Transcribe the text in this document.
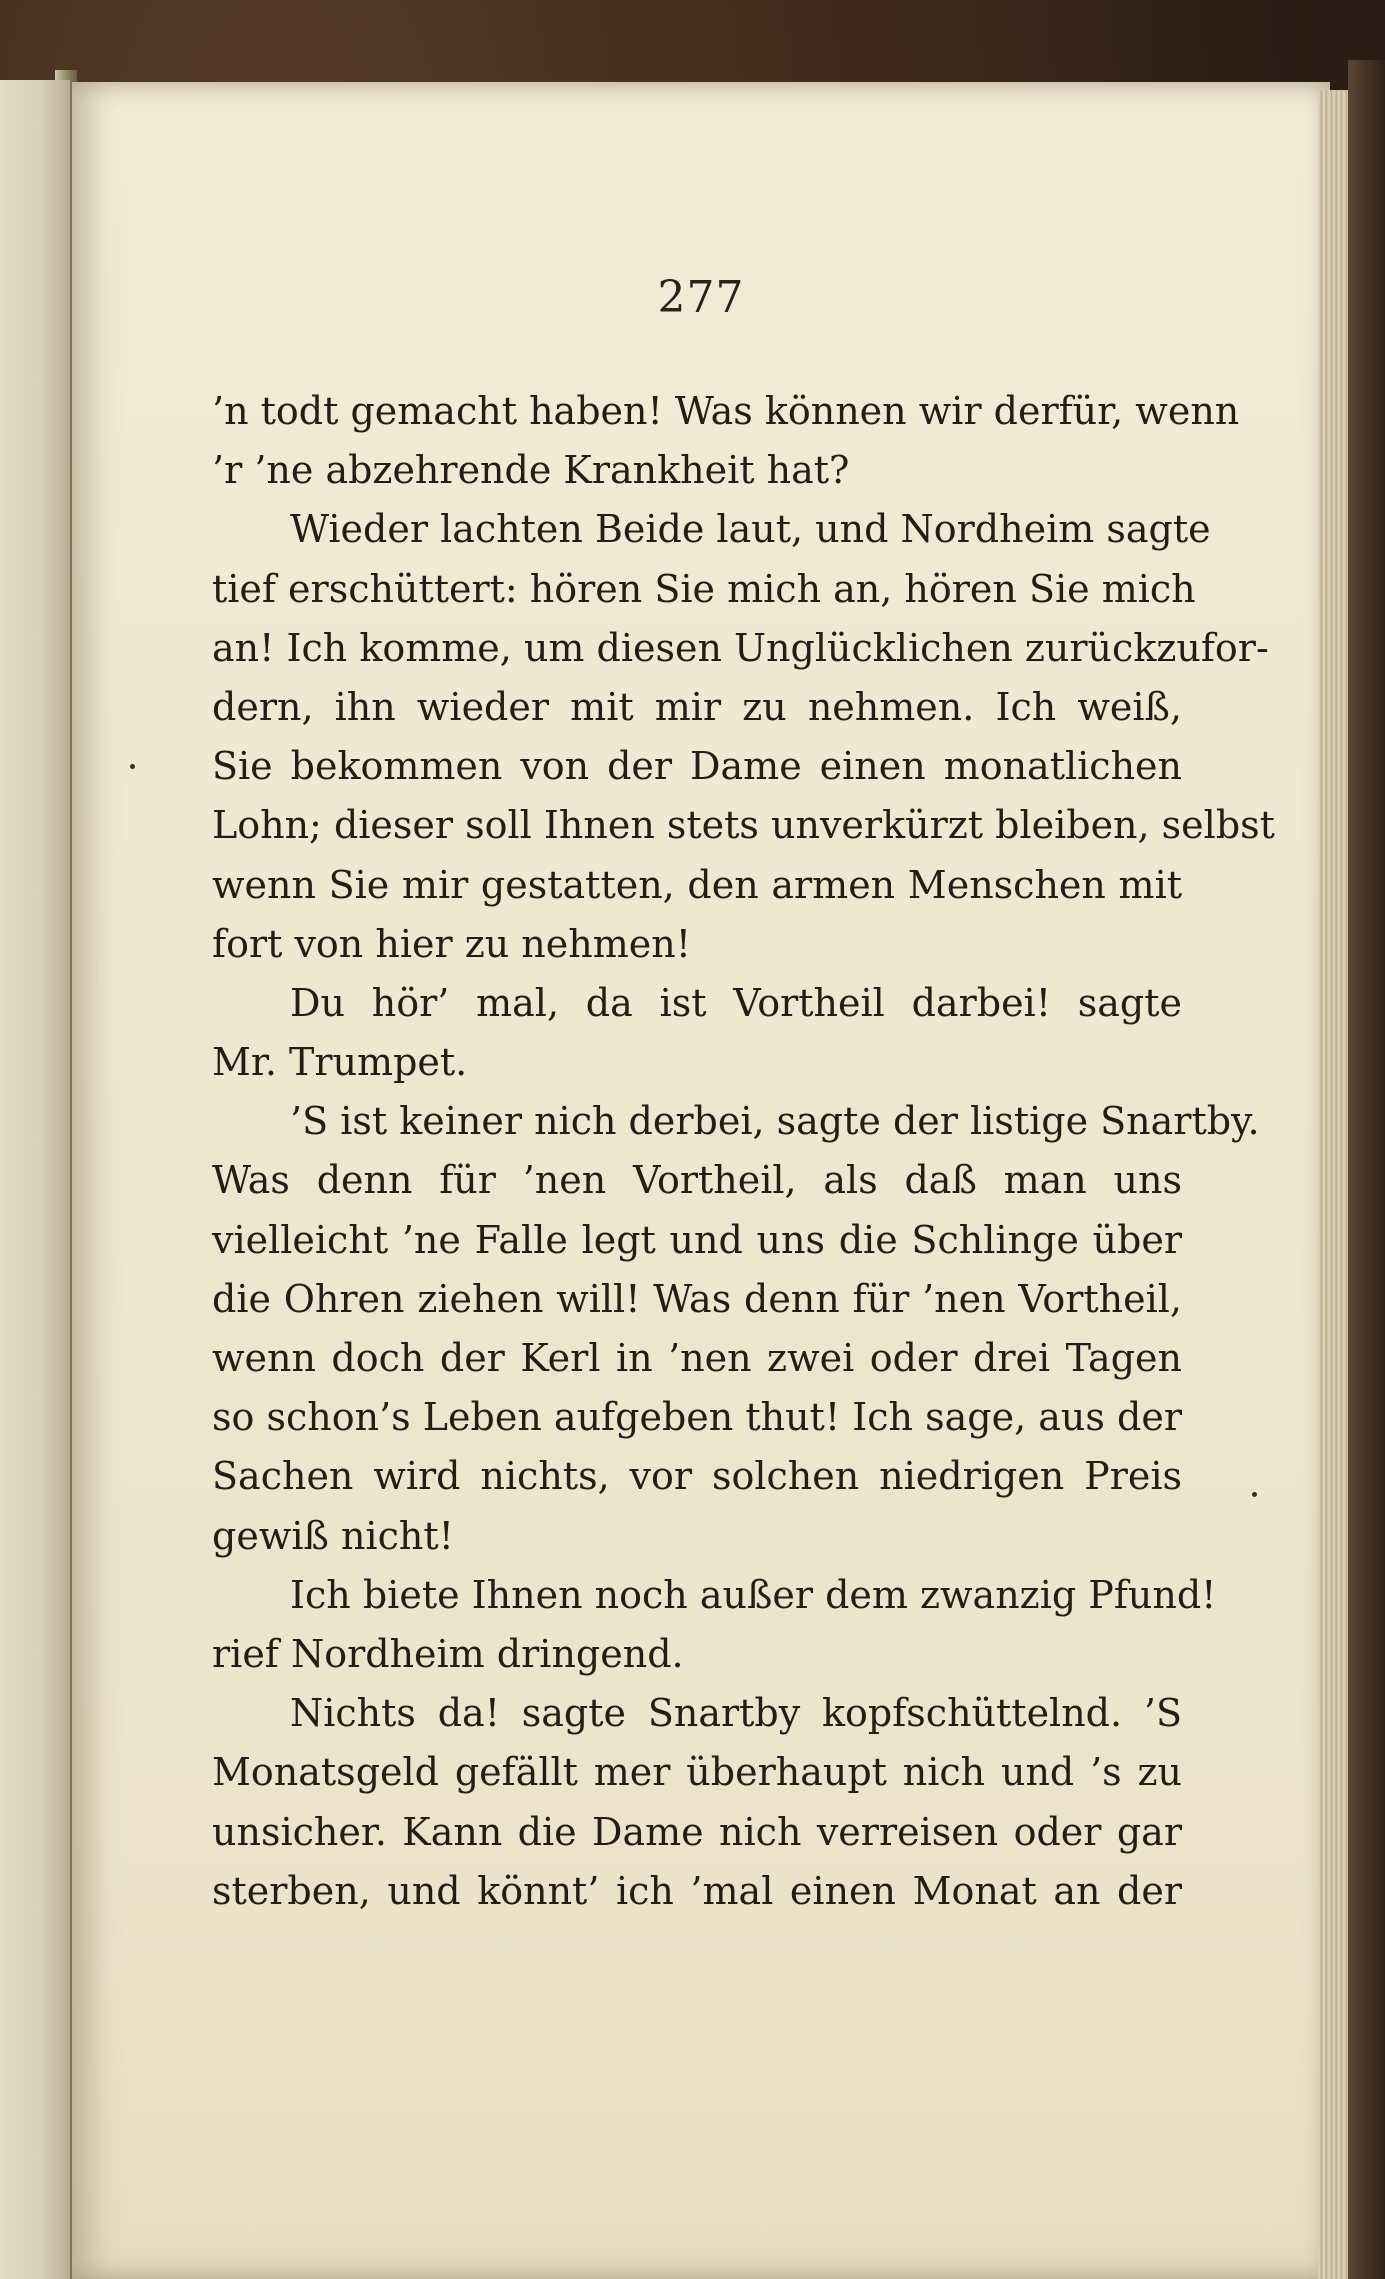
277
’n todt gemacht haben! Was können wir derfür, wenn
’r ’ne abzehrende Krankheit hat?
Wieder lachten Beide laut, und Nordheim sagte
tief erschüttert: hören Sie mich an, hören Sie mich
an! Ich komme, um diesen Unglücklichen zurückzufor-
dern, ihn wieder mit mir zu nehmen. Ich weiß,
Sie bekommen von der Dame einen monatlichen
Lohn; dieser soll Ihnen stets unverkürzt bleiben, selbst
wenn Sie mir gestatten, den armen Menschen mit
fort von hier zu nehmen!
Du hör’ mal, da ist Vortheil darbei! sagte
Mr. Trumpet.
’S ist keiner nich derbei, sagte der listige Snartby.
Was denn für ’nen Vortheil, als daß man uns
vielleicht ’ne Falle legt und uns die Schlinge über
die Ohren ziehen will! Was denn für ’nen Vortheil,
wenn doch der Kerl in ’nen zwei oder drei Tagen
so schon’s Leben aufgeben thut! Ich sage, aus der
Sachen wird nichts, vor solchen niedrigen Preis
gewiß nicht!
Ich biete Ihnen noch außer dem zwanzig Pfund!
rief Nordheim dringend.
Nichts da! sagte Snartby kopfschüttelnd. ’S
Monatsgeld gefällt mer überhaupt nich und ’s zu
unsicher. Kann die Dame nich verreisen oder gar
sterben, und könnt’ ich ’mal einen Monat an der
